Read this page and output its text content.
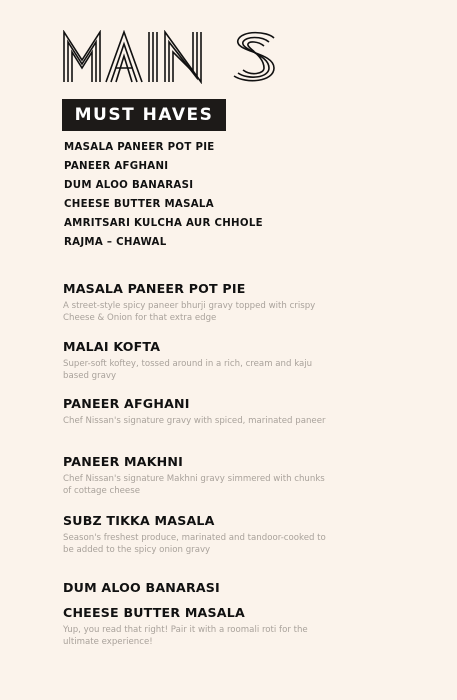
MUST HAVES
MASALA PANEER POT PIE
PANEER AFGHANI
DUM ALOO BANARASI
CHEESE BUTTER MASALA
AMRITSARI KULCHA AUR CHHOLE
RAJMA – CHAWAL

MASALA PANEER POT PIE

A street-style spicy paneer bhurji gravy topped with crispy Cheese & Onion for that extra edge

MALAI KOFTA

Super-soft koftey, tossed around in a rich, cream and kaju based gravy

PANEER AFGHANI

Chef Nissan's signature gravy with spiced, marinated paneer

PANEER MAKHNI

Chef Nissan's signature Makhni gravy simmered with chunks of cottage cheese

SUBZ TIKKA MASALA

Season's freshest produce, marinated and tandoor-cooked to be added to the spicy onion gravy

DUM ALOO BANARASI

CHEESE BUTTER MASALA

Yup, you read that right! Pair it with a roomali roti for the ultimate experience!
